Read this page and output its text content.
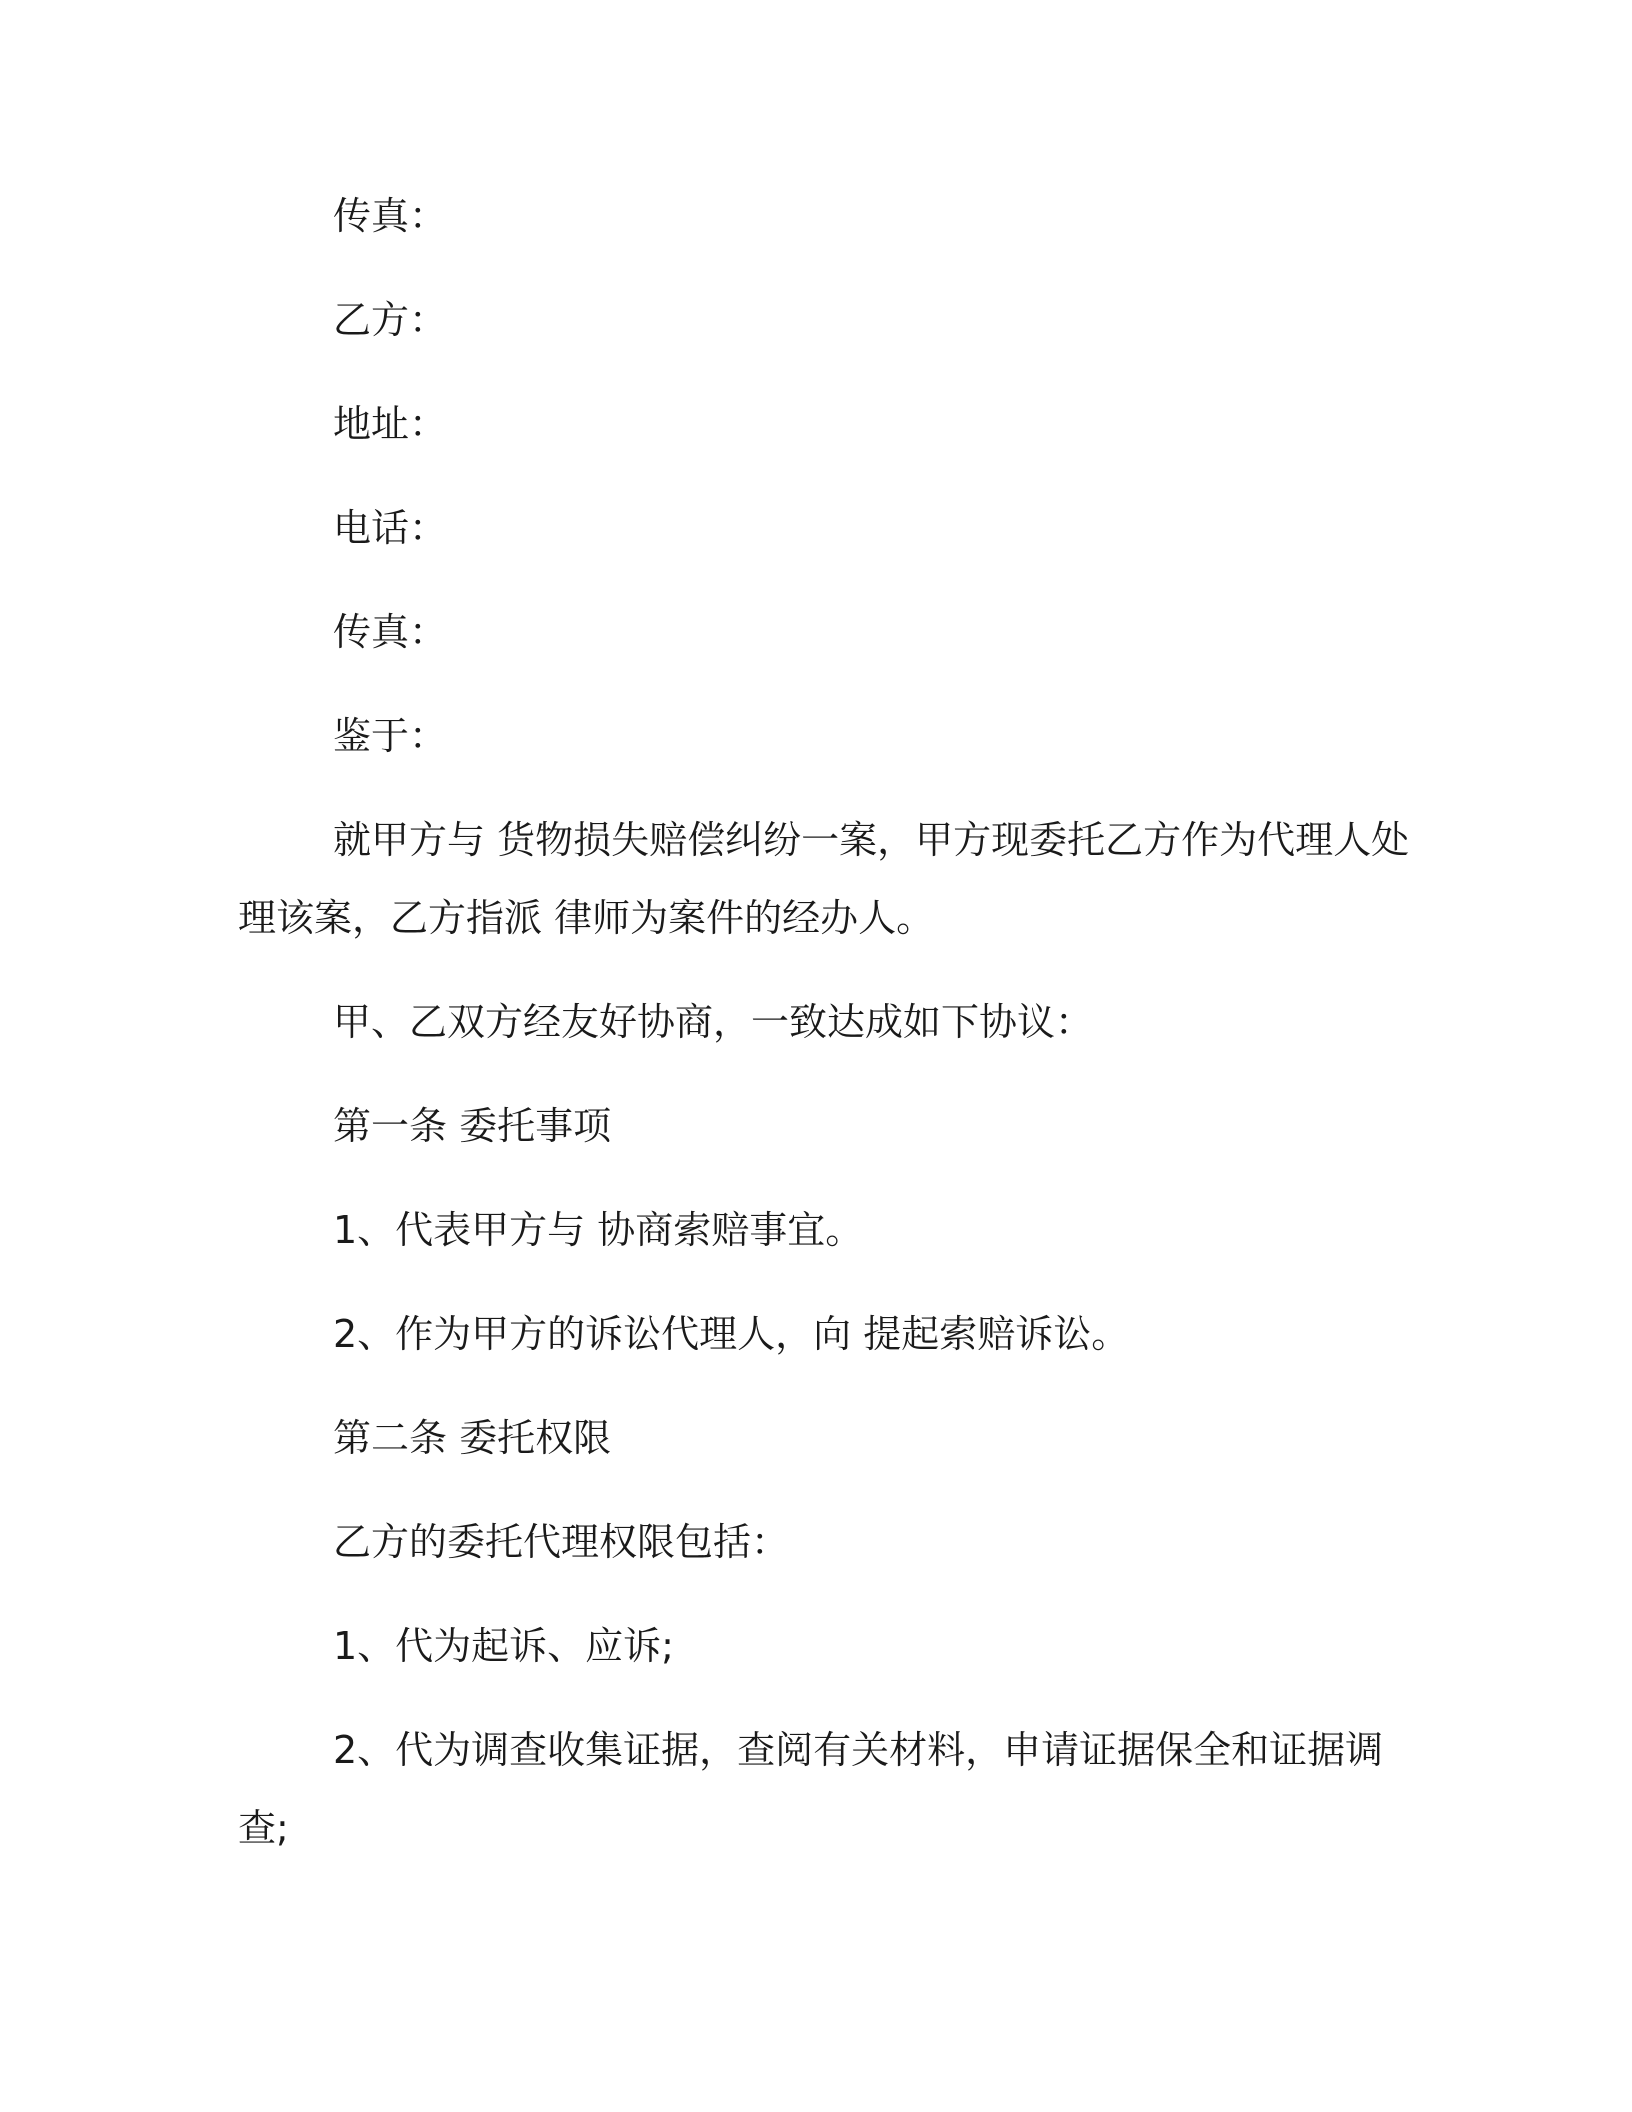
传真：

乙方：

地址：

电话：

传真：

鉴于：

就甲方与 货物损失赔偿纠纷一案，甲方现委托乙方作为代理人处

理该案，乙方指派 律师为案件的经办人。

甲、乙双方经友好协商，一致达成如下协议：

第一条 委托事项

1、代表甲方与 协商索赔事宜。

2、作为甲方的诉讼代理人，向 提起索赔诉讼。

第二条 委托权限

乙方的委托代理权限包括：

1、代为起诉、应诉;

2、代为调查收集证据，查阅有关材料，申请证据保全和证据调

查;
